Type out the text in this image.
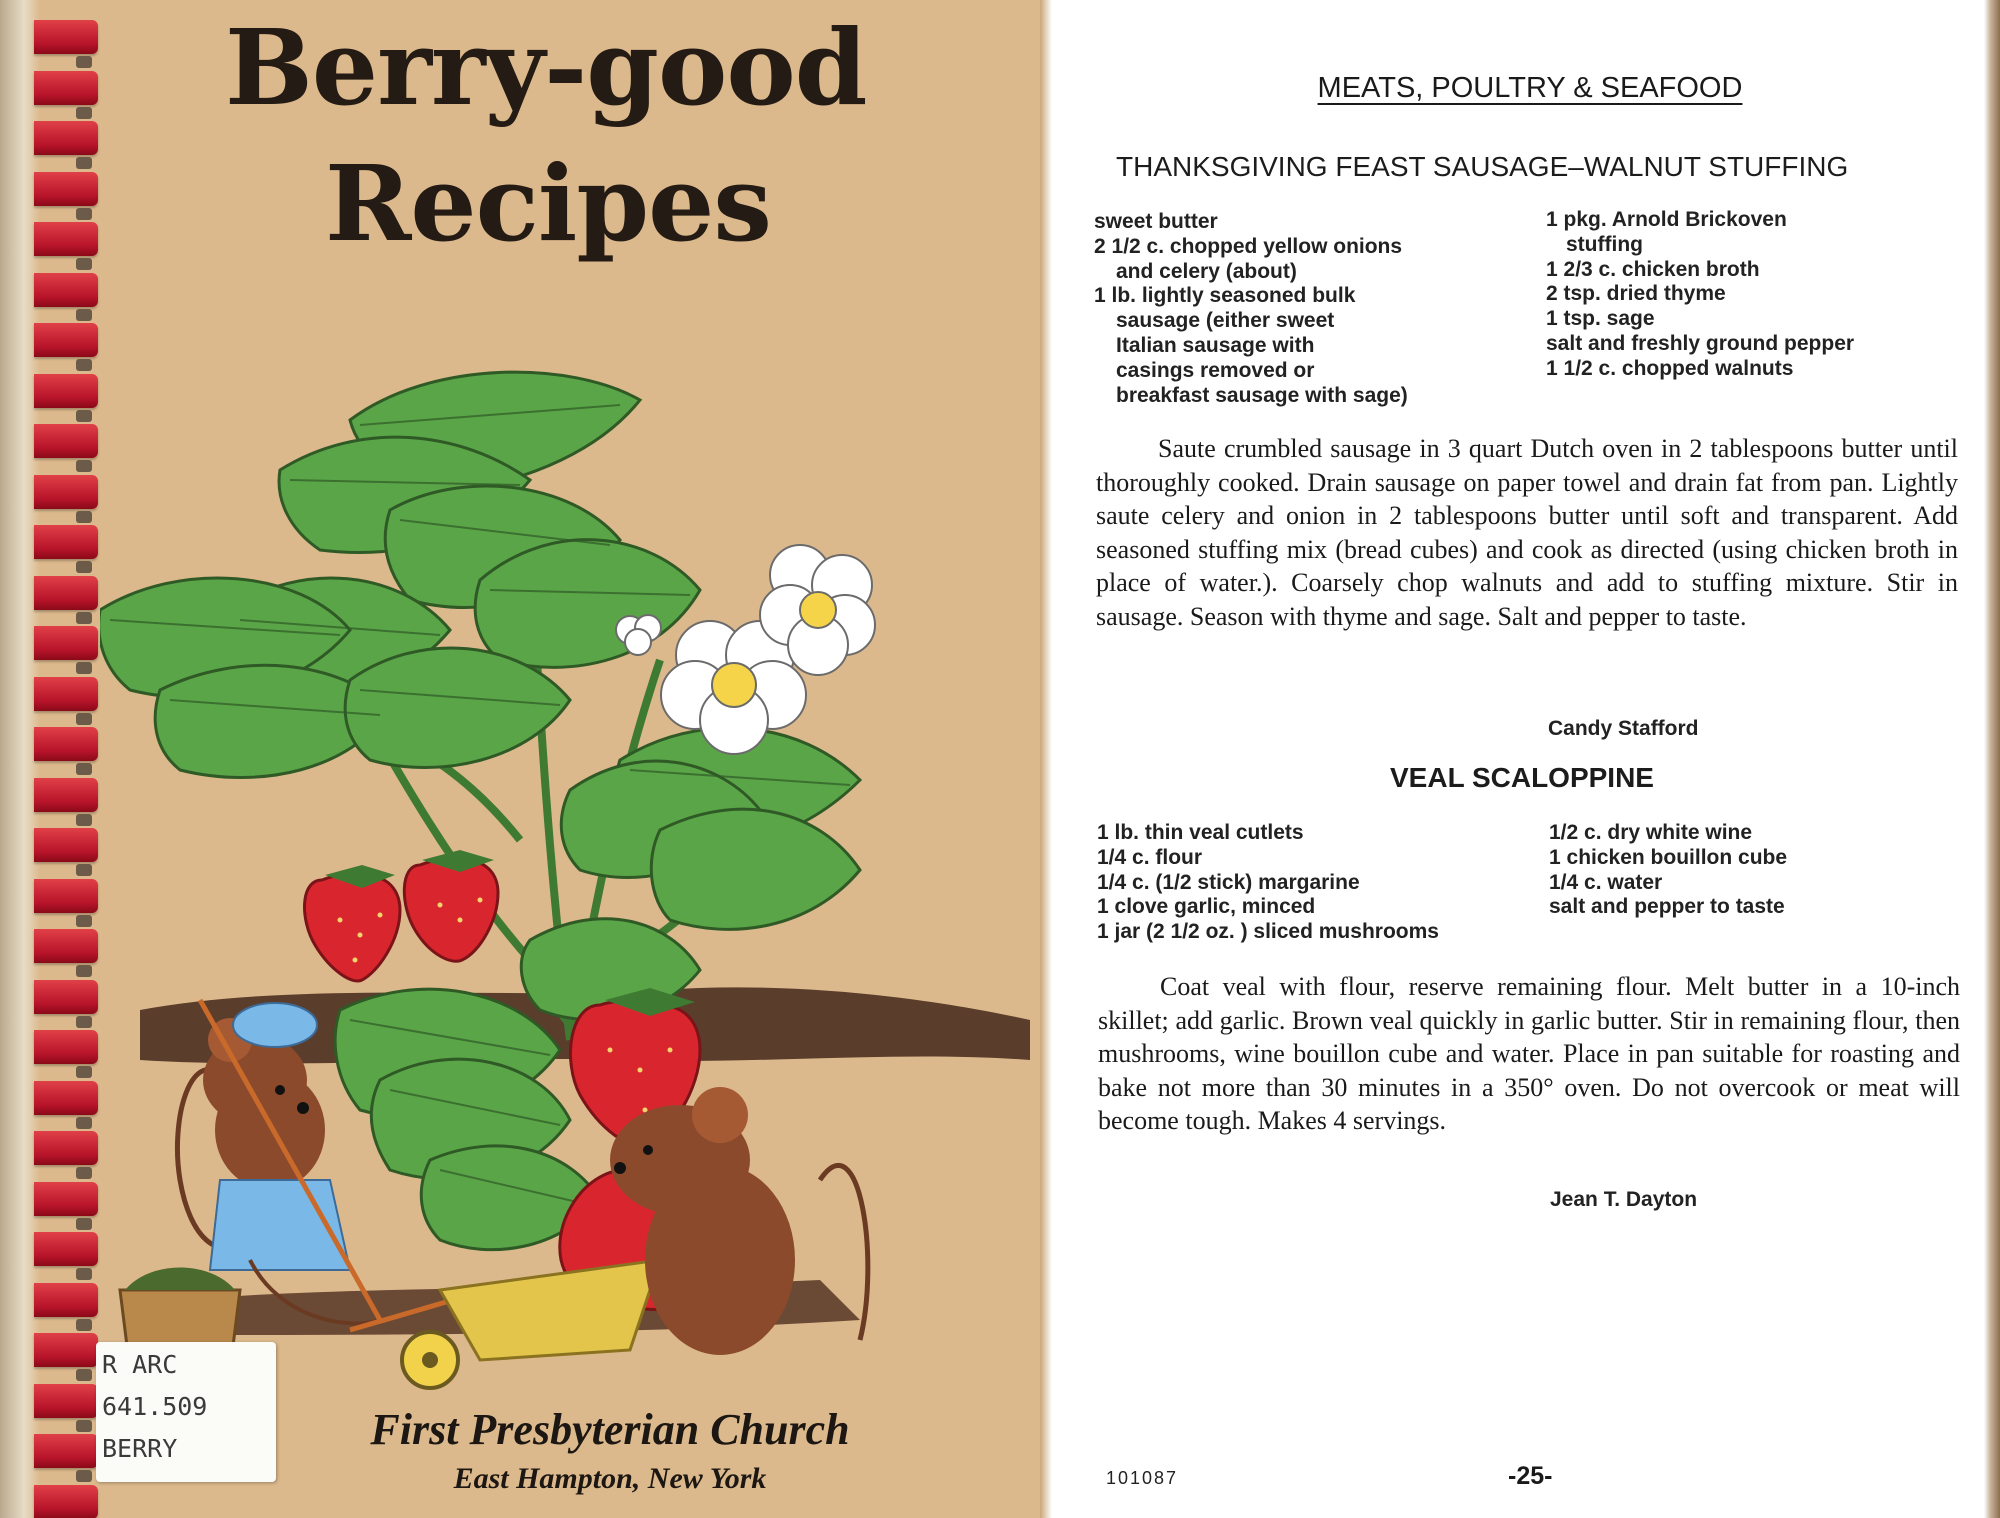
Berry-good
Recipes
R ARC
641.509
BERRY	First Presbyterian Church
East Hampton, New York
MEATS, POULTRY & SEAFOOD
THANKSGIVING FEAST SAUSAGE–WALNUT STUFFING
sweet butter
2 1/2 c. chopped yellow onions
and celery (about)
1 lb. lightly seasoned bulk
sausage (either sweet
Italian sausage with
casings removed or
breakfast sausage with sage)
1 pkg. Arnold Brickoven
stuffing
1 2/3 c. chicken broth
2 tsp. dried thyme
1 tsp. sage
salt and freshly ground pepper
1 1/2 c. chopped walnuts
Saute crumbled sausage in 3 quart Dutch oven in 2 tablespoons butter until thoroughly cooked. Drain sausage on paper towel and drain fat from pan. Lightly saute celery and onion in 2 tablespoons butter until soft and transparent. Add seasoned stuffing mix (bread cubes) and cook as directed (using chicken broth in place of water.). Coarsely chop walnuts and add to stuffing mixture. Stir in sausage. Season with thyme and sage. Salt and pepper to taste.
Candy Stafford
VEAL SCALOPPINE
1 lb. thin veal cutlets
1/4 c. flour
1/4 c. (1/2 stick) margarine
1 clove garlic, minced
1 jar (2 1/2 oz. ) sliced mushrooms
1/2 c. dry white wine
1 chicken bouillon cube
1/4 c. water
salt and pepper to taste
Coat veal with flour, reserve remaining flour. Melt butter in a 10-inch skillet; add garlic. Brown veal quickly in garlic butter. Stir in remaining flour, then mushrooms, wine bouillon cube and water. Place in pan suitable for roasting and bake not more than 30 minutes in a 350° oven. Do not overcook or meat will become tough. Makes 4 servings.
Jean T. Dayton
101087	-25-
